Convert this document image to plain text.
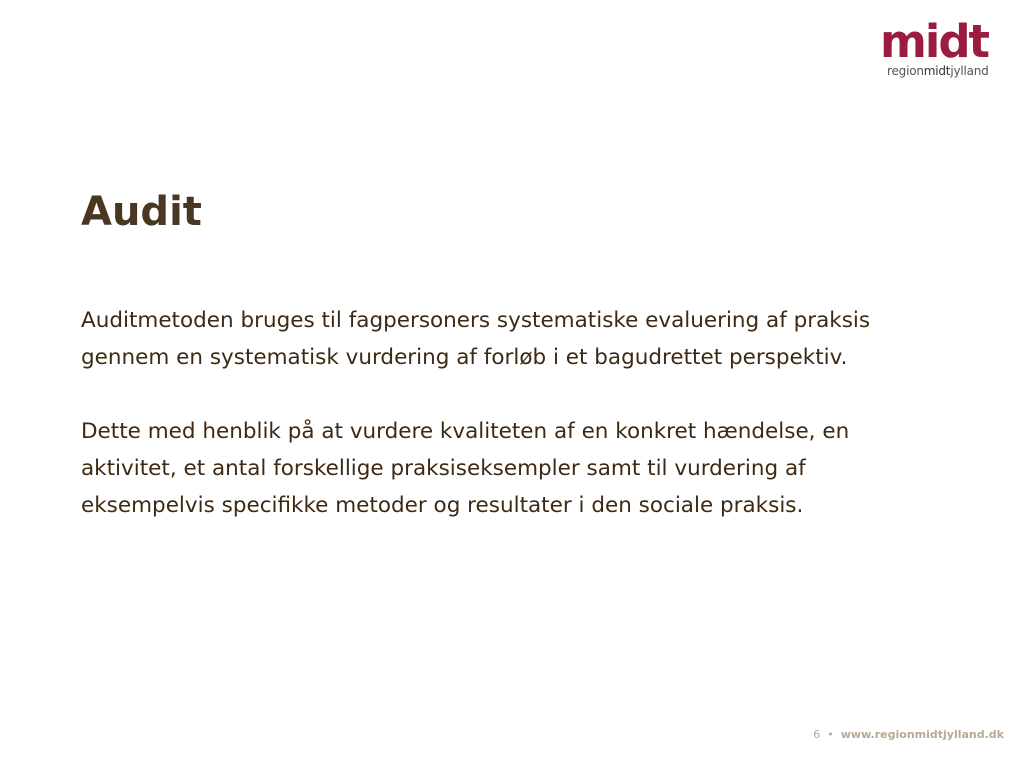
midt
regionmidtjylland
Audit

Auditmetoden bruges til fagpersoners systematiske evaluering af praksis gennem en systematisk vurdering af forløb i et bagudrettet perspektiv.

Dette med henblik på at vurdere kvaliteten af en konkret hændelse, en aktivitet, et antal forskellige praksiseksempler samt til vurdering af eksempelvis specifikke metoder og resultater i den sociale praksis.

6 • www.regionmidtjylland.dk
